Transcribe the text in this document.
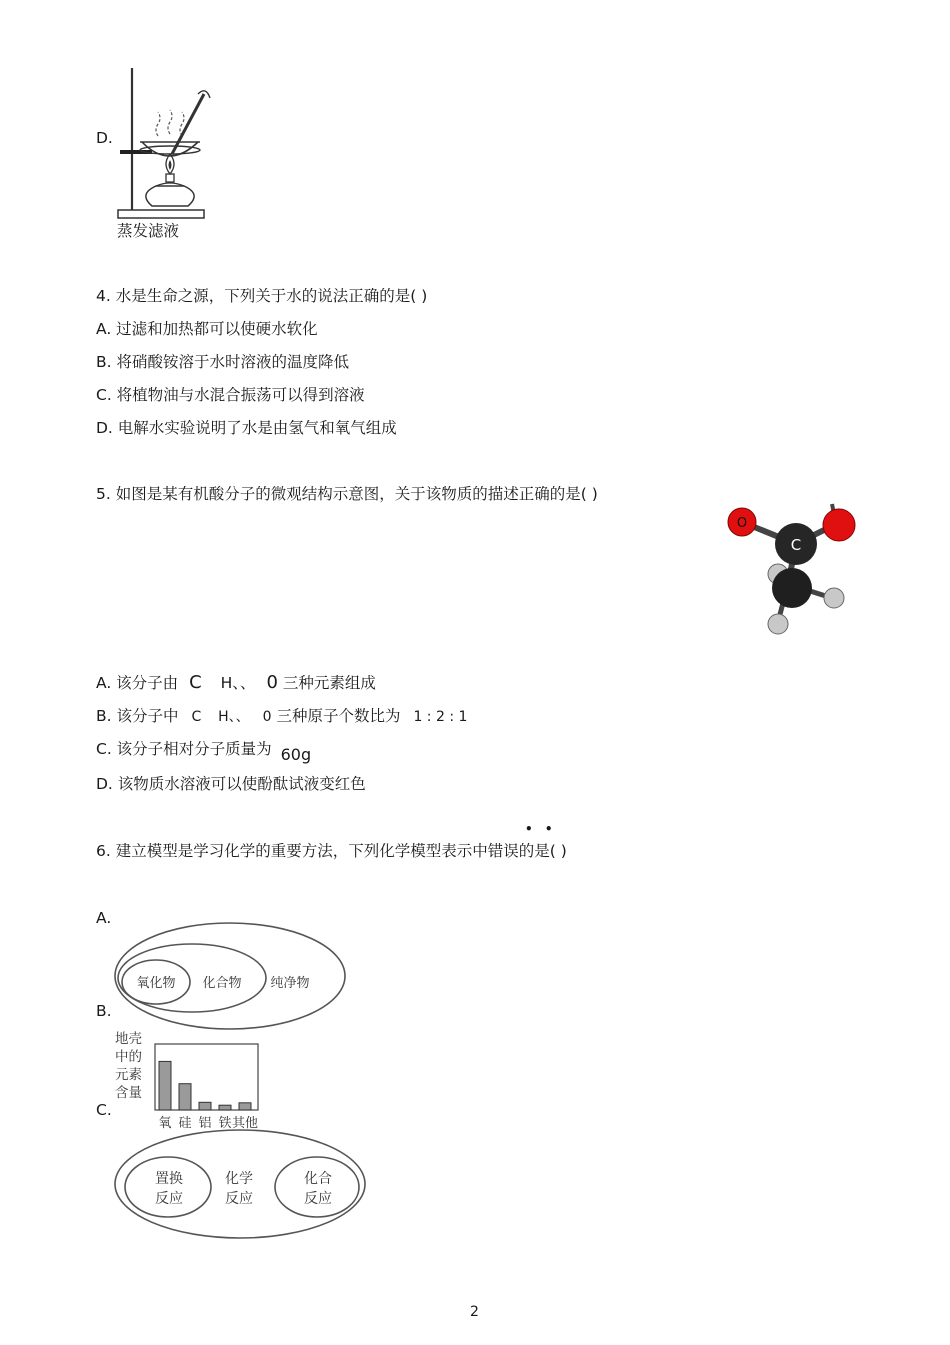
D.
蒸发滤液
4. 水是生命之源，下列关于水的说法正确的是( )
A. 过滤和加热都可以使硬水软化
B. 将硝酸铵溶于水时溶液的温度降低
C. 将植物油与水混合振荡可以得到溶液
D. 电解水实验说明了水是由氢气和氧气组成
5. 如图是某有机酸分子的微观结构示意图，关于该物质的描述正确的是( )
O
C
A. 该分子由 C H、、 0 三种元素组成
B. 该分子中 C H、、 0 三种原子个数比为 1 : 2 : 1
C. 该分子相对分子质量为 60g
D. 该物质水溶液可以使酚酞试液变红色
• •
6. 建立模型是学习化学的重要方法，下列化学模型表示中错误的是( )
A.
氧化物 化合物 纯净物
B.
地壳
中的
元素
含量
氧 硅 铝 铁 其他
C.
置换
反应
化学
反应
化合
反应
2
